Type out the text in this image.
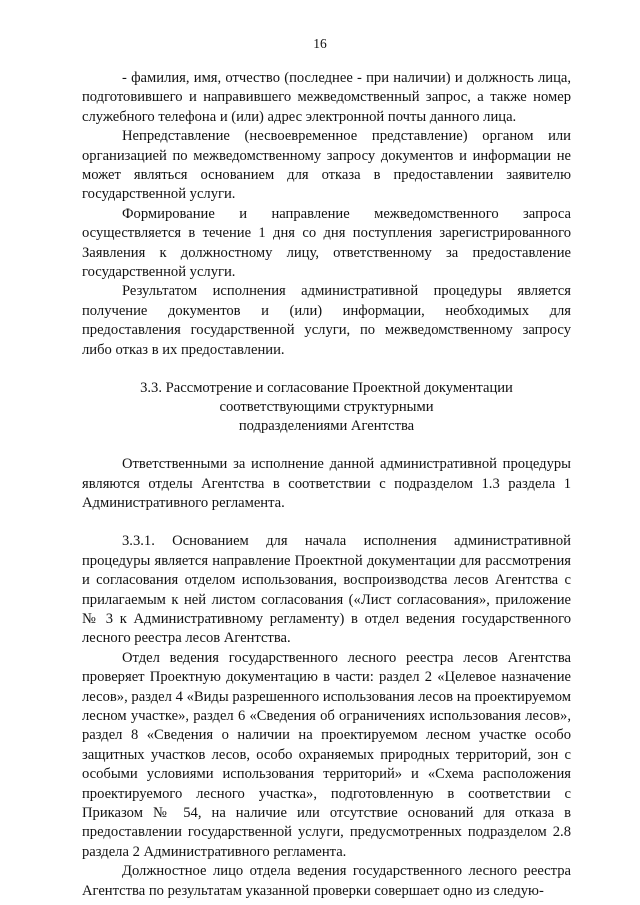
16

- фамилия, имя, отчество (последнее - при наличии) и должность лица, подготовившего и направившего межведомственный запрос, а также номер служебного телефона и (или) адрес электронной почты данного лица.

Непредставление (несвоевременное представление) органом или организацией по межведомственному запросу документов и информации не может являться основанием для отказа в предоставлении заявителю государственной услуги.

Формирование и направление межведомственного запроса осуществляется в течение 1 дня со дня поступления зарегистрированного Заявления к должностному лицу, ответственному за предоставление государственной услуги.

Результатом исполнения административной процедуры является получение документов и (или) информации, необходимых для предоставления государственной услуги, по межведомственному запросу либо отказ в их предоставлении.

3.3. Рассмотрение и согласование Проектной документации
соответствующими структурными
подразделениями Агентства

Ответственными за исполнение данной административной процедуры являются отделы Агентства в соответствии с подразделом 1.3 раздела 1 Административного регламента.

3.3.1. Основанием для начала исполнения административной процедуры является направление Проектной документации для рассмотрения и согласования отделом использования, воспроизводства лесов Агентства с прилагаемым к ней листом согласования («Лист согласования», приложение № 3 к Административному регламенту) в отдел ведения государственного лесного реестра лесов Агентства.

Отдел ведения государственного лесного реестра лесов Агентства проверяет Проектную документацию в части: раздел 2 «Целевое назначение лесов», раздел 4 «Виды разрешенного использования лесов на проектируемом лесном участке», раздел 6 «Сведения об ограничениях использования лесов», раздел 8 «Сведения о наличии на проектируемом лесном участке особо защитных участков лесов, особо охраняемых природных территорий, зон с особыми условиями использования территорий» и «Схема расположения проектируемого лесного участка», подготовленную в соответствии с Приказом № 54, на наличие или отсутствие оснований для отказа в предоставлении государственной услуги, предусмотренных подразделом 2.8 раздела 2 Административного регламента.

Должностное лицо отдела ведения государственного лесного реестра Агентства по результатам указанной проверки совершает одно из следую-
